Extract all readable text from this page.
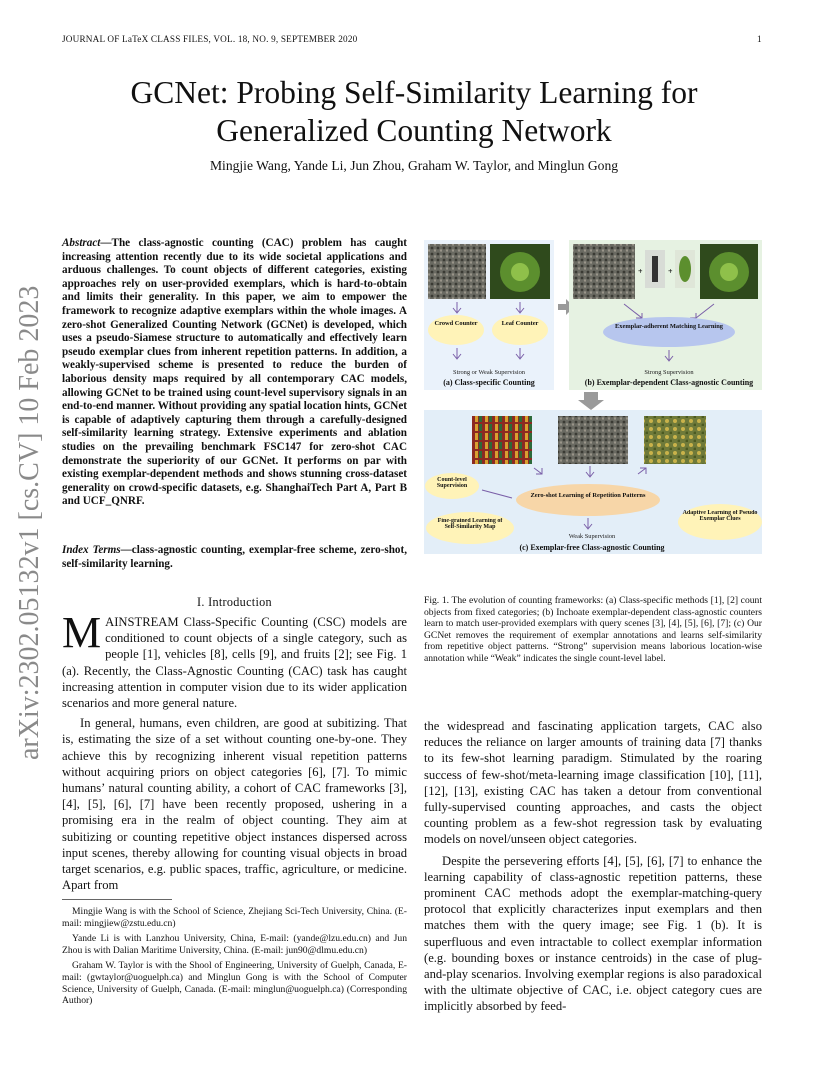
JOURNAL OF LaTeX CLASS FILES, VOL. 18, NO. 9, SEPTEMBER 2020	1
GCNet: Probing Self-Similarity Learning for
Generalized Counting Network
Mingjie Wang, Yande Li, Jun Zhou, Graham W. Taylor, and Minglun Gong
arXiv:2302.05132v1 [cs.CV] 10 Feb 2023
Abstract—The class-agnostic counting (CAC) problem has caught increasing attention recently due to its wide societal applications and arduous challenges. To count objects of different categories, existing approaches rely on user-provided exemplars, which is hard-to-obtain and limits their generality. In this paper, we aim to empower the framework to recognize adaptive exemplars within the whole images. A zero-shot Generalized Counting Network (GCNet) is developed, which uses a pseudo-Siamese structure to automatically and effectively learn pseudo exemplar clues from inherent repetition patterns. In addition, a weakly-supervised scheme is presented to reduce the burden of laborious density maps required by all contemporary CAC models, allowing GCNet to be trained using count-level supervisory signals in an end-to-end manner. Without providing any spatial location hints, GCNet is capable of adaptively capturing them through a carefully-designed self-similarity learning strategy. Extensive experiments and ablation studies on the prevailing benchmark FSC147 for zero-shot CAC demonstrate the superiority of our GCNet. It performs on par with existing exemplar-dependent methods and shows stunning cross-dataset generality on crowd-specific datasets, e.g. ShanghaiTech Part A, Part B and UCF_QNRF.
Index Terms—class-agnostic counting, exemplar-free scheme, zero-shot, self-similarity learning.
I. Introduction

MAINSTREAM Class-Specific Counting (CSC) models are conditioned to count objects of a single category, such as people [1], vehicles [8], cells [9], and fruits [2]; see Fig. 1 (a). Recently, the Class-Agnostic Counting (CAC) task has caught increasing attention in computer vision due to its wider application scenarios and more general nature.

In general, humans, even children, are good at subitizing. That is, estimating the size of a set without counting one-by-one. They achieve this by recognizing inherent visual repetition patterns without acquiring priors on object categories [6], [7]. To mimic humans’ natural counting ability, a cohort of CAC frameworks [3], [4], [5], [6], [7] have been recently proposed, ushering in a promising era in the realm of object counting. They aim at subitizing or counting repetitive object instances dispersed across input scenes, thereby allowing for counting visual objects in broad target scenarios, e.g. public spaces, traffic, agriculture, or medicine. Apart from

Mingjie Wang is with the School of Science, Zhejiang Sci-Tech University, China. (E-mail: mingjiew@zstu.edu.cn)

Yande Li is with Lanzhou University, China, E-mail: (yande@lzu.edu.cn) and Jun Zhou is with Dalian Maritime University, China. (E-mail: jun90@dlmu.edu.cn)

Graham W. Taylor is with the Shool of Engineering, University of Guelph, Canada, E-mail: (gwtaylor@uoguelph.ca) and Minglun Gong is with the School of Computer Science, University of Guelph, Canada. (E-mail: minglun@uoguelph.ca) (Corresponding Author)

Crowd Counter	Leaf Counter
Strong or Weak Supervision
(a) Class-specific Counting
+	+
Exemplar-adherent Matching Learning
Strong Supervision
(b) Exemplar-dependent Class-agnostic Counting
Count-level Supervision
Zero-shot Learning of Repetition Patterns
Adaptive Learning of Pseudo Exemplar Clues
Fine-grained Learning of Self-Similarity Map
Weak Supervision
(c) Exemplar-free Class-agnostic Counting
Fig. 1. The evolution of counting frameworks: (a) Class-specific methods [1], [2] count objects from fixed categories; (b) Inchoate exemplar-dependent class-agnostic counters learn to match user-provided exemplars with query scenes [3], [4], [5], [6], [7]; (c) Our GCNet removes the requirement of exemplar annotations and learns self-similarity from repetitive object patterns. “Strong” supervision means laborious location-wise annotation while “Weak” indicates the single count-level label.

the widespread and fascinating application targets, CAC also reduces the reliance on larger amounts of training data [7] thanks to its few-shot learning paradigm. Stimulated by the roaring success of few-shot/meta-learning image classification [10], [11], [12], [13], existing CAC has taken a detour from conventional fully-supervised counting approaches, and casts the object counting problem as a few-shot regression task by evaluating models on novel/unseen object categories.

Despite the persevering efforts [4], [5], [6], [7] to enhance the learning capability of class-agnostic repetition patterns, these prominent CAC methods adopt the exemplar-matching-query protocol that explicitly characterizes input exemplars and then matches them with the query image; see Fig. 1 (b). It is superfluous and even intractable to collect exemplar information (e.g. bounding boxes or instance centroids) in the case of plug-and-play scenarios. Involving exemplar regions is also paradoxical with the ultimate objective of CAC, i.e. object category cues are implicitly absorbed by feed-
